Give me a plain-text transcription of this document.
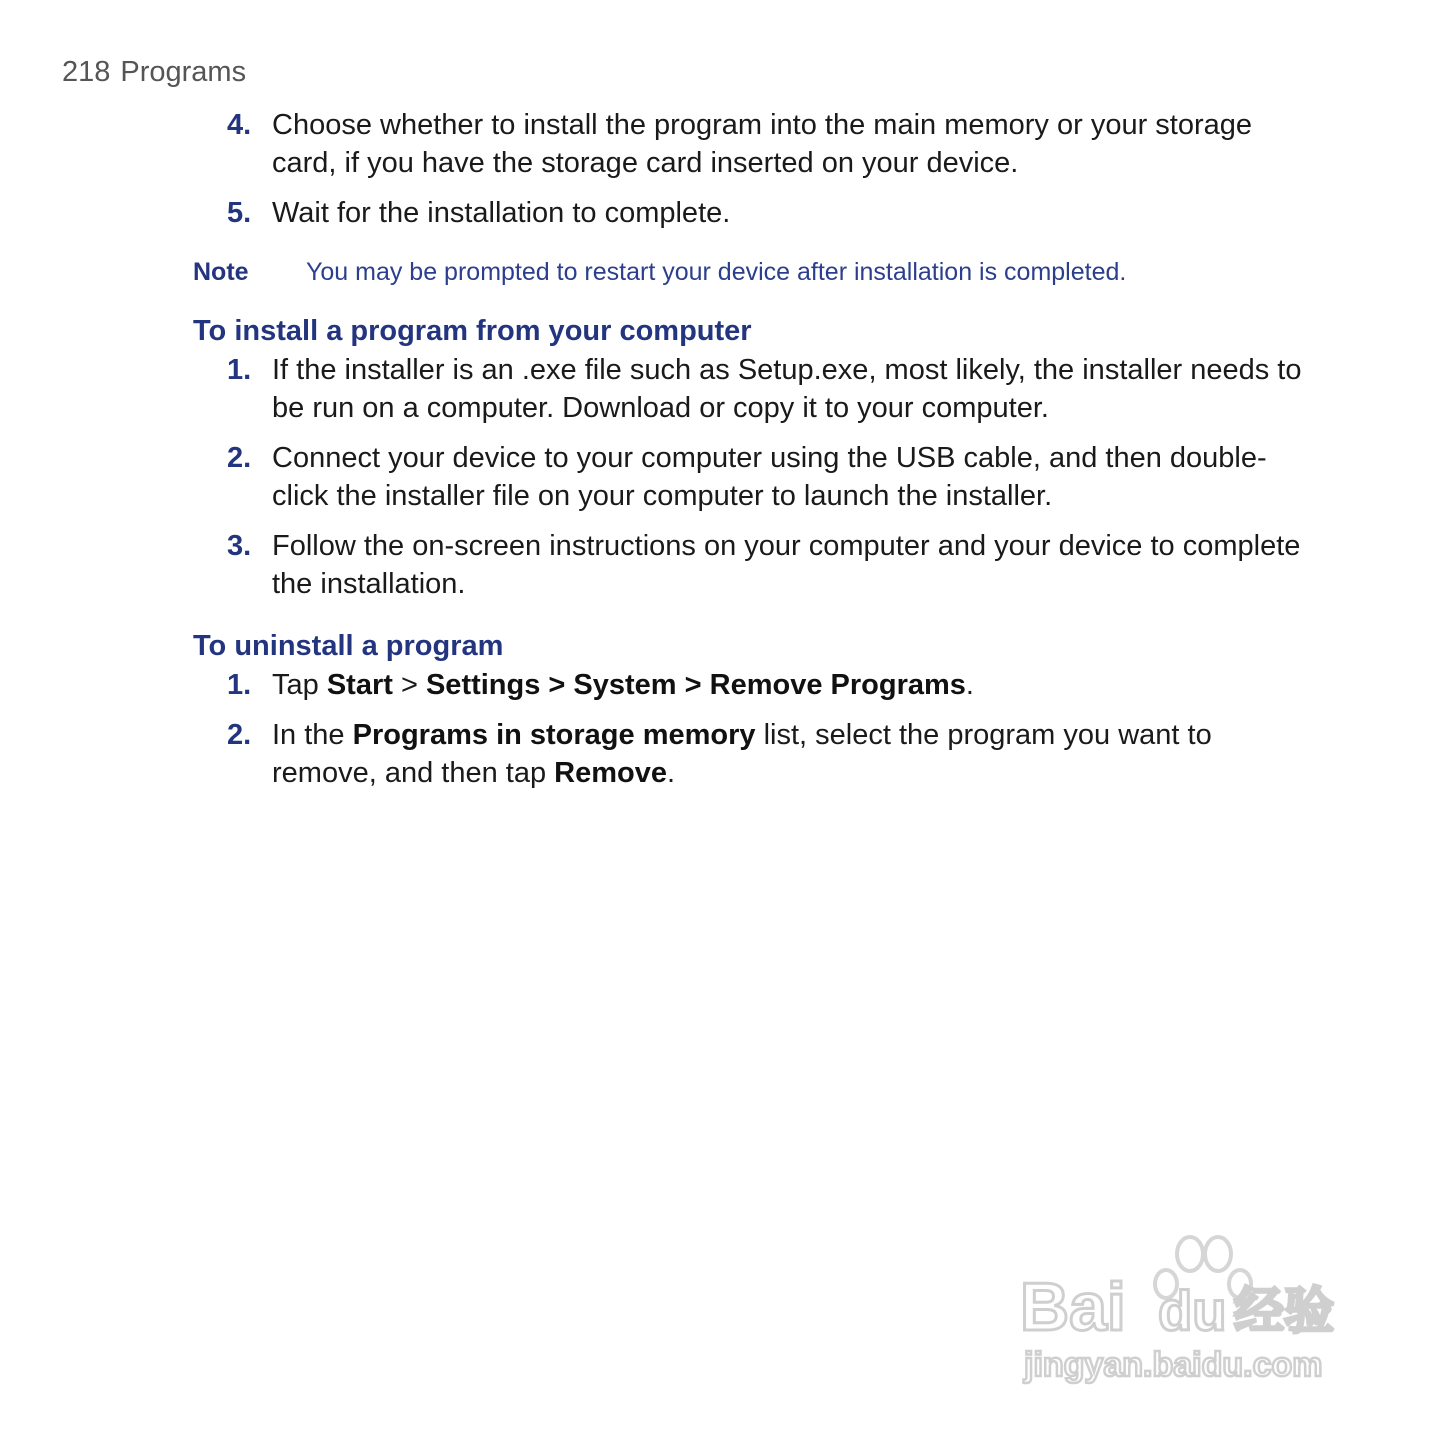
218 Programs
4. Choose whether to install the program into the main memory or your storage card, if you have the storage card inserted on your device.
5. Wait for the installation to complete.
Note You may be prompted to restart your device after installation is completed.
To install a program from your computer
1. If the installer is an .exe file such as Setup.exe, most likely, the installer needs to be run on a computer. Download or copy it to your computer.
2. Connect your device to your computer using the USB cable, and then double-click the installer file on your computer to launch the installer.
3. Follow the on-screen instructions on your computer and your device to complete the installation.
To uninstall a program
1. Tap Start > Settings > System > Remove Programs.
2. In the Programs in storage memory list, select the program you want to remove, and then tap Remove.
Bai du 经验
jingyan.baidu.com
